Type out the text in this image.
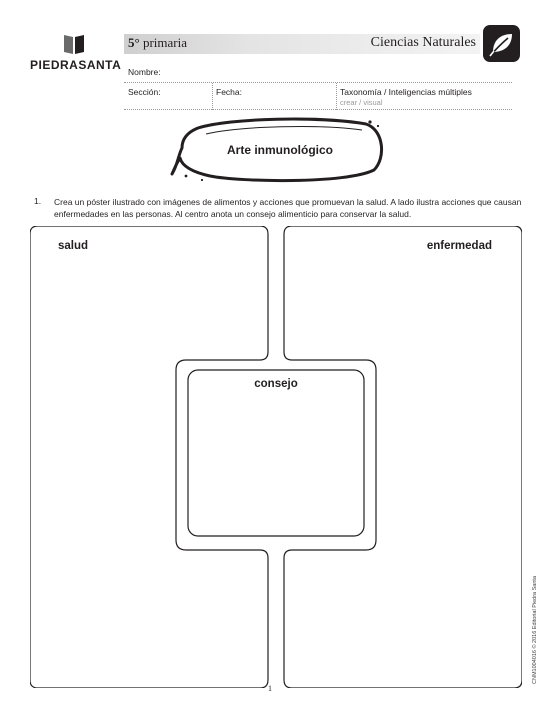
PIEDRASANTA
5° primaria	Ciencias Naturales
Nombre:
Sección:	Fecha:	Taxonomía / Inteligencias múltiples
crear / visual
Arte inmunológico
1. Crea un póster ilustrado con imágenes de alimentos y acciones que promuevan la salud. A lado ilustra acciones que causan enfermedades en las personas. Al centro anota un consejo alimenticio para conservar la salud.
salud	enfermedad
consejo
1
CNM1004016 © 2016 Editorial Piedra Santa
